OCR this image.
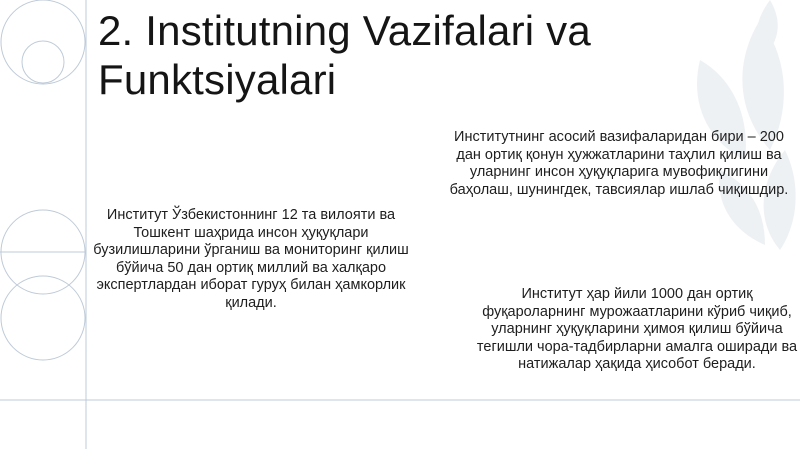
2. Institutning Vazifalari va Funktsiyalari

Институт Ўзбекистоннинг 12 та вилояти ва Тошкент шаҳрида инсон ҳуқуқлари бузилишларини ўрганиш ва мониторинг қилиш бўйича 50 дан ортиқ миллий ва халқаро экспертлардан иборат гуруҳ билан ҳамкорлик қилади.

Институтнинг асосий вазифаларидан бири – 200 дан ортиқ қонун ҳужжатларини таҳлил қилиш ва уларнинг инсон ҳуқуқларига мувофиқлигини баҳолаш, шунингдек, тавсиялар ишлаб чиқишдир.

Институт ҳар йили 1000 дан ортиқ фуқароларнинг мурожаатларини кўриб чиқиб, уларнинг ҳуқуқларини ҳимоя қилиш бўйича тегишли чора-тадбирларни амалга оширади ва натижалар ҳақида ҳисобот беради.
